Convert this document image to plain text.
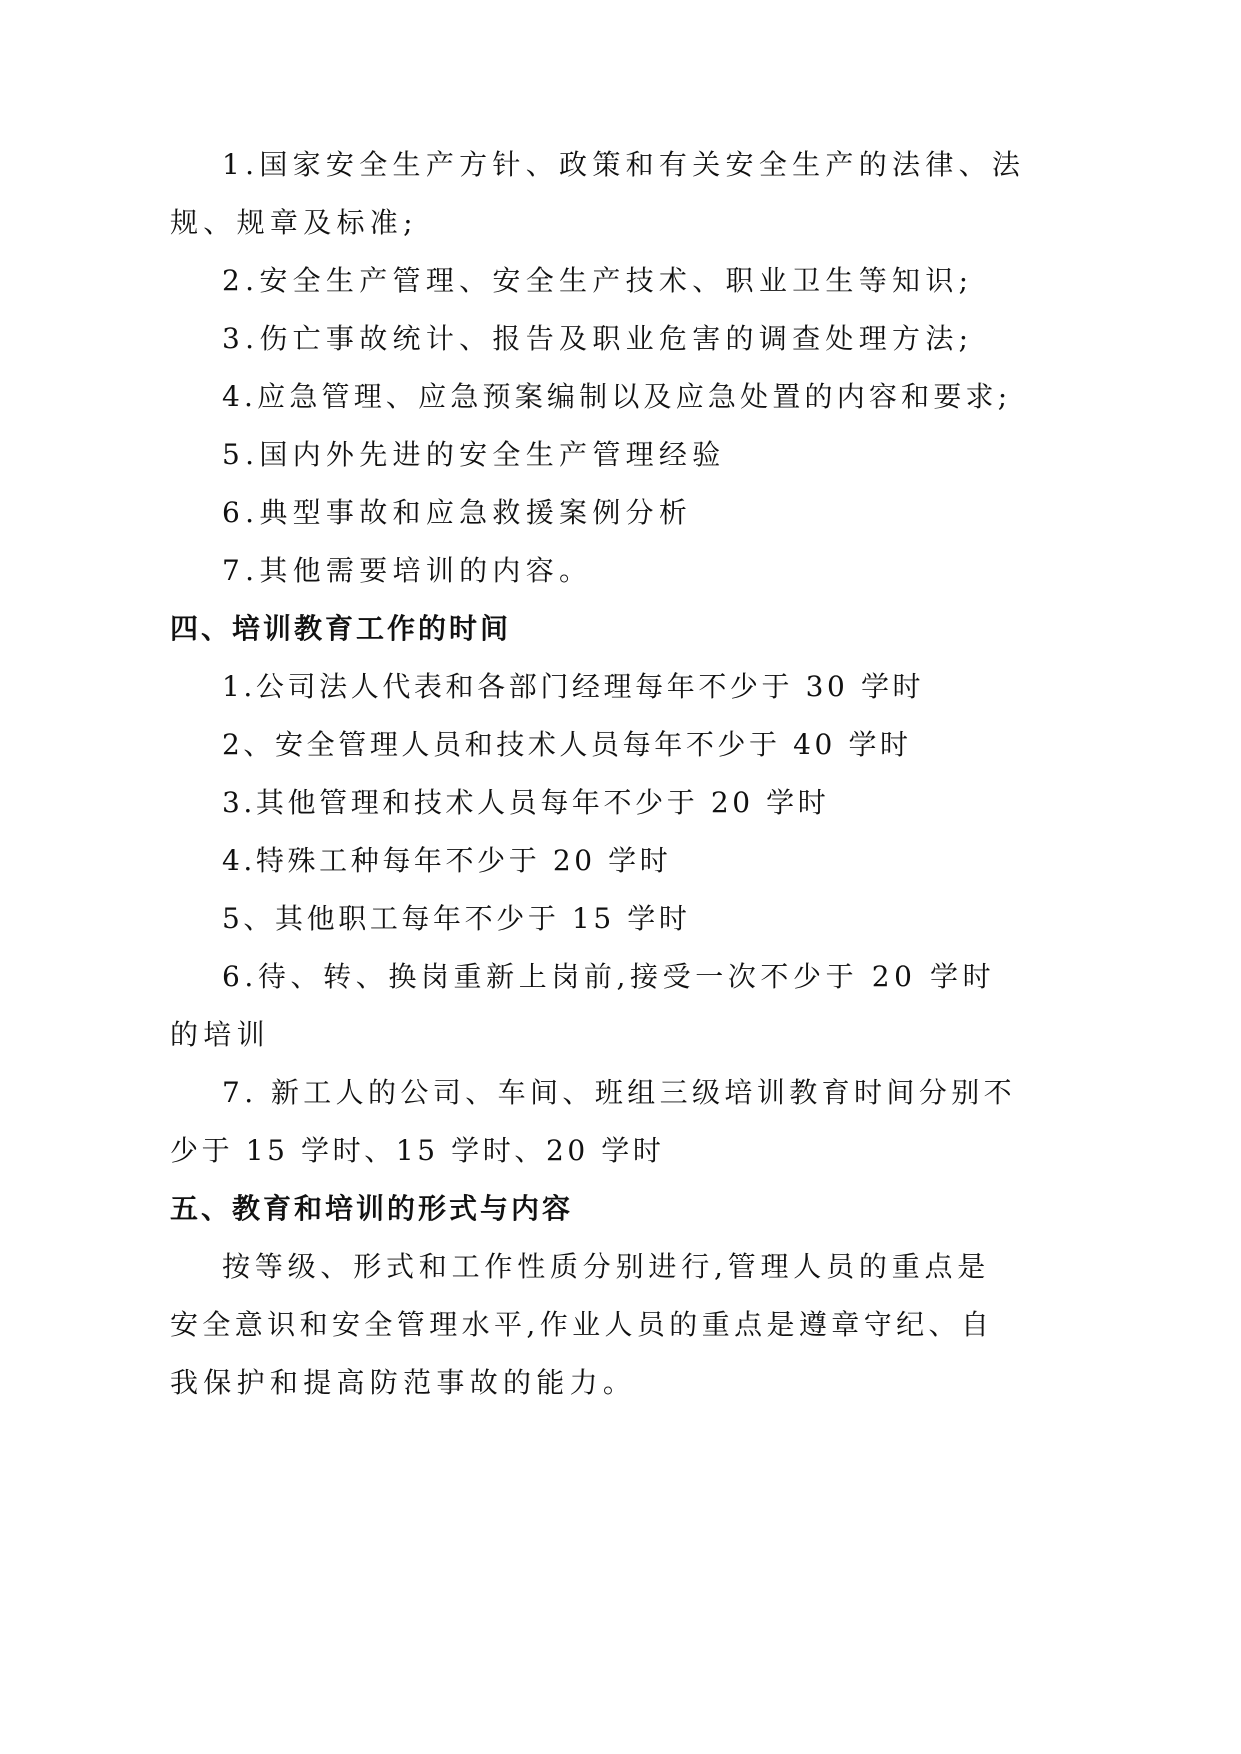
1.国家安全生产方针、政策和有关安全生产的法律、法
规、规章及标准;
2.安全生产管理、安全生产技术、职业卫生等知识;
3.伤亡事故统计、报告及职业危害的调查处理方法;
4.应急管理、应急预案编制以及应急处置的内容和要求;
5.国内外先进的安全生产管理经验
6.典型事故和应急救援案例分析
7.其他需要培训的内容。
四、培训教育工作的时间
1.公司法人代表和各部门经理每年不少于 30 学时
2、安全管理人员和技术人员每年不少于 40 学时
3.其他管理和技术人员每年不少于 20 学时
4.特殊工种每年不少于 20 学时
5、其他职工每年不少于 15 学时
6.待、转、换岗重新上岗前,接受一次不少于 20 学时
的培训
7. 新工人的公司、车间、班组三级培训教育时间分别不
少于 15 学时、15 学时、20 学时
五、教育和培训的形式与内容
按等级、形式和工作性质分别进行,管理人员的重点是
安全意识和安全管理水平,作业人员的重点是遵章守纪、自
我保护和提高防范事故的能力。
